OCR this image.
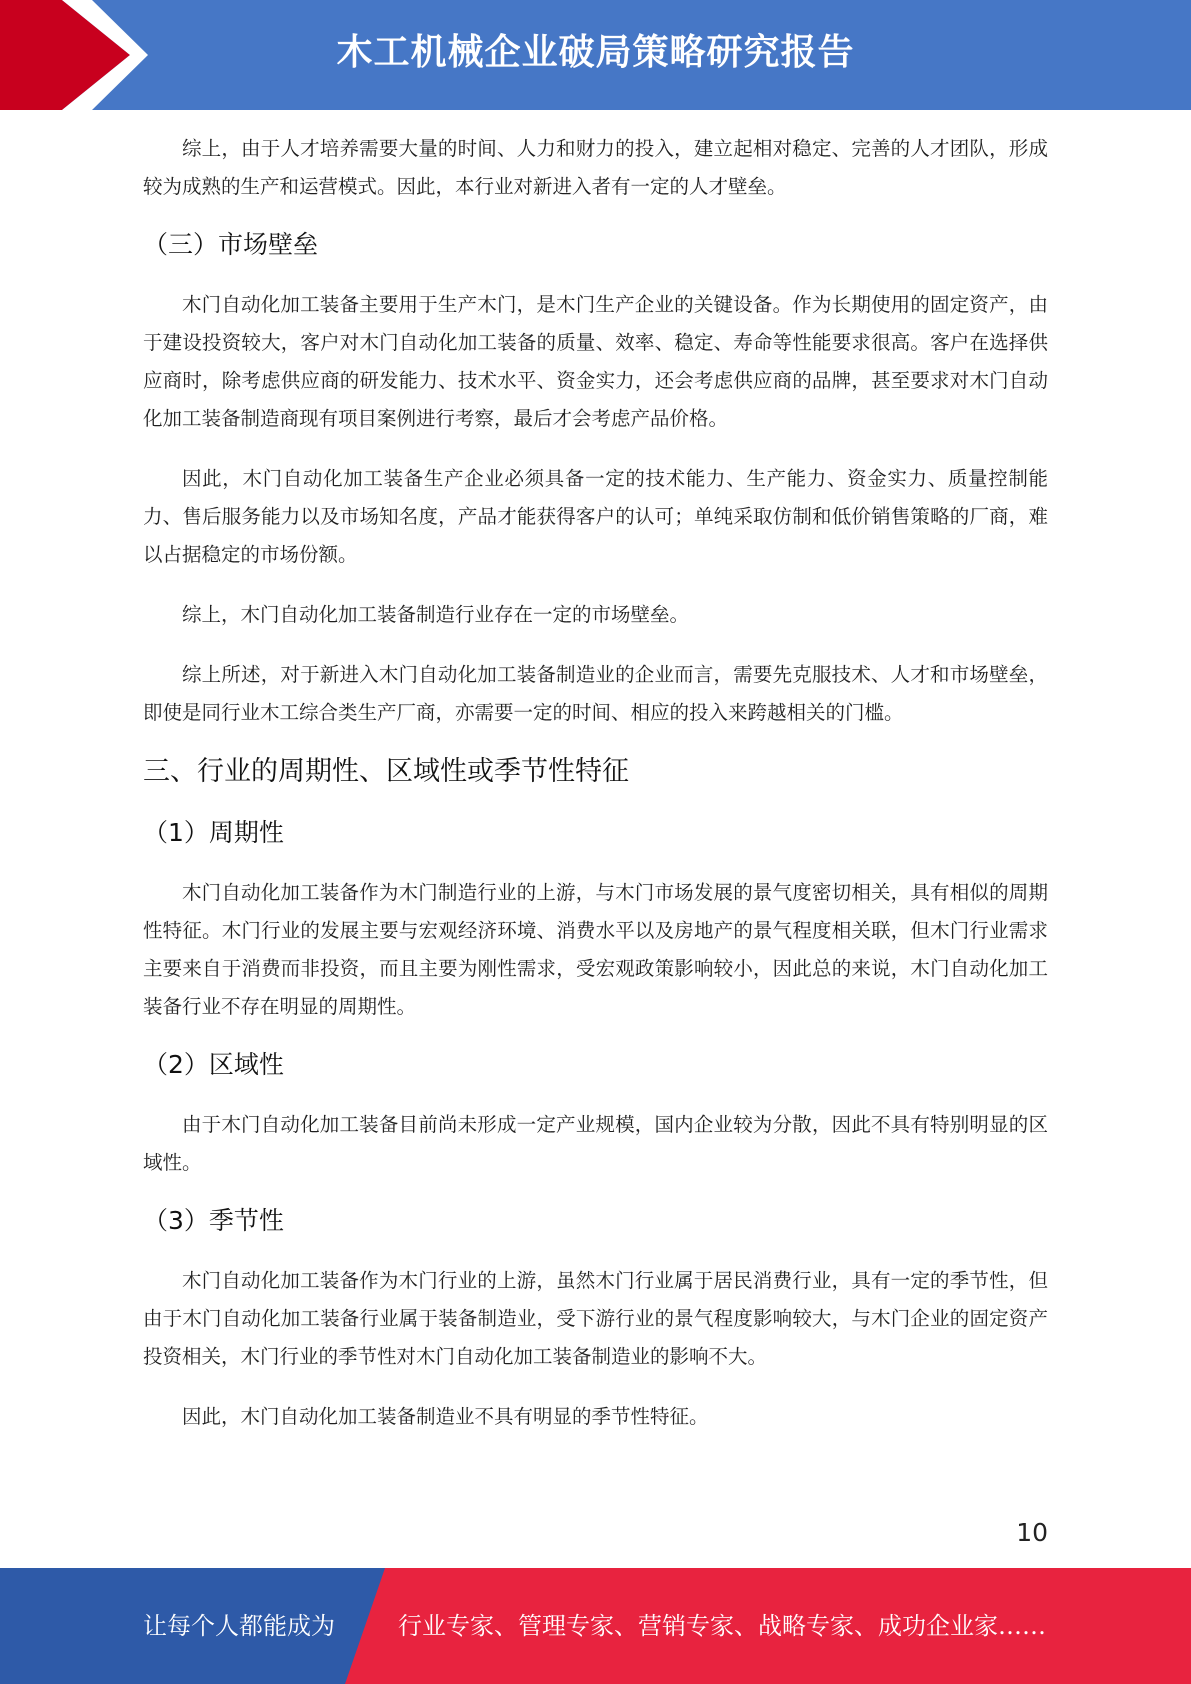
木工机械企业破局策略研究报告

综上，由于人才培养需要大量的时间、人力和财力的投入，建立起相对稳定、完善的人才团队，形成较为成熟的生产和运营模式。因此，本行业对新进入者有一定的人才壁垒。

（三）市场壁垒

木门自动化加工装备主要用于生产木门，是木门生产企业的关键设备。作为长期使用的固定资产，由于建设投资较大，客户对木门自动化加工装备的质量、效率、稳定、寿命等性能要求很高。客户在选择供应商时，除考虑供应商的研发能力、技术水平、资金实力，还会考虑供应商的品牌，甚至要求对木门自动化加工装备制造商现有项目案例进行考察，最后才会考虑产品价格。

因此，木门自动化加工装备生产企业必须具备一定的技术能力、生产能力、资金实力、质量控制能力、售后服务能力以及市场知名度，产品才能获得客户的认可；单纯采取仿制和低价销售策略的厂商，难以占据稳定的市场份额。

综上，木门自动化加工装备制造行业存在一定的市场壁垒。

综上所述，对于新进入木门自动化加工装备制造业的企业而言，需要先克服技术、人才和市场壁垒，即使是同行业木工综合类生产厂商，亦需要一定的时间、相应的投入来跨越相关的门槛。

三、行业的周期性、区域性或季节性特征
（1）周期性

木门自动化加工装备作为木门制造行业的上游，与木门市场发展的景气度密切相关，具有相似的周期性特征。木门行业的发展主要与宏观经济环境、消费水平以及房地产的景气程度相关联，但木门行业需求主要来自于消费而非投资，而且主要为刚性需求，受宏观政策影响较小，因此总的来说，木门自动化加工装备行业不存在明显的周期性。

（2）区域性

由于木门自动化加工装备目前尚未形成一定产业规模，国内企业较为分散，因此不具有特别明显的区域性。

（3）季节性

木门自动化加工装备作为木门行业的上游，虽然木门行业属于居民消费行业，具有一定的季节性，但由于木门自动化加工装备行业属于装备制造业，受下游行业的景气程度影响较大，与木门企业的固定资产投资相关，木门行业的季节性对木门自动化加工装备制造业的影响不大。

因此，木门自动化加工装备制造业不具有明显的季节性特征。

10
让每个人都能成为	行业专家、管理专家、营销专家、战略专家、成功企业家……
